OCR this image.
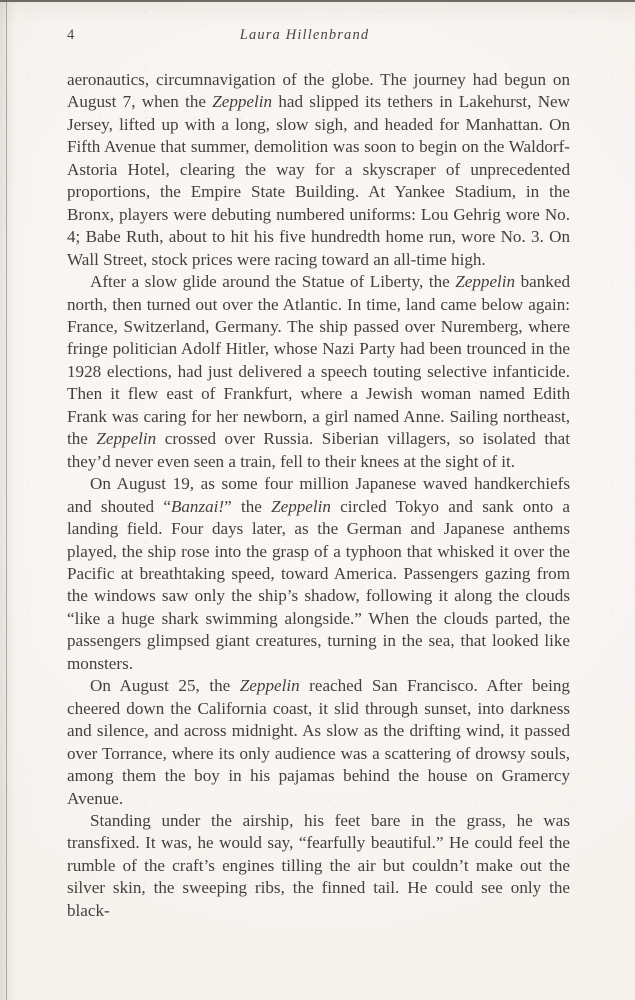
4	Laura Hillenbrand

aeronautics, circumnavigation of the globe. The journey had begun on August 7, when the Zeppelin had slipped its tethers in Lakehurst, New Jersey, lifted up with a long, slow sigh, and headed for Manhattan. On Fifth Avenue that summer, demolition was soon to begin on the Waldorf-Astoria Hotel, clearing the way for a skyscraper of unprecedented proportions, the Empire State Building. At Yankee Stadium, in the Bronx, players were debuting numbered uniforms: Lou Gehrig wore No. 4; Babe Ruth, about to hit his five hundredth home run, wore No. 3. On Wall Street, stock prices were racing toward an all-time high.

After a slow glide around the Statue of Liberty, the Zeppelin banked north, then turned out over the Atlantic. In time, land came below again: France, Switzerland, Germany. The ship passed over Nuremberg, where fringe politician Adolf Hitler, whose Nazi Party had been trounced in the 1928 elections, had just delivered a speech touting selective infanticide. Then it flew east of Frankfurt, where a Jewish woman named Edith Frank was caring for her newborn, a girl named Anne. Sailing northeast, the Zeppelin crossed over Russia. Siberian villagers, so isolated that they’d never even seen a train, fell to their knees at the sight of it.

On August 19, as some four million Japanese waved handkerchiefs and shouted “Banzai!” the Zeppelin circled Tokyo and sank onto a landing field. Four days later, as the German and Japanese anthems played, the ship rose into the grasp of a typhoon that whisked it over the Pacific at breathtaking speed, toward America. Passengers gazing from the windows saw only the ship’s shadow, following it along the clouds “like a huge shark swimming alongside.” When the clouds parted, the passengers glimpsed giant creatures, turning in the sea, that looked like monsters.

On August 25, the Zeppelin reached San Francisco. After being cheered down the California coast, it slid through sunset, into darkness and silence, and across midnight. As slow as the drifting wind, it passed over Torrance, where its only audience was a scattering of drowsy souls, among them the boy in his pajamas behind the house on Gramercy Avenue.

Standing under the airship, his feet bare in the grass, he was transfixed. It was, he would say, “fearfully beautiful.” He could feel the rumble of the craft’s engines tilling the air but couldn’t make out the silver skin, the sweeping ribs, the finned tail. He could see only the black-
